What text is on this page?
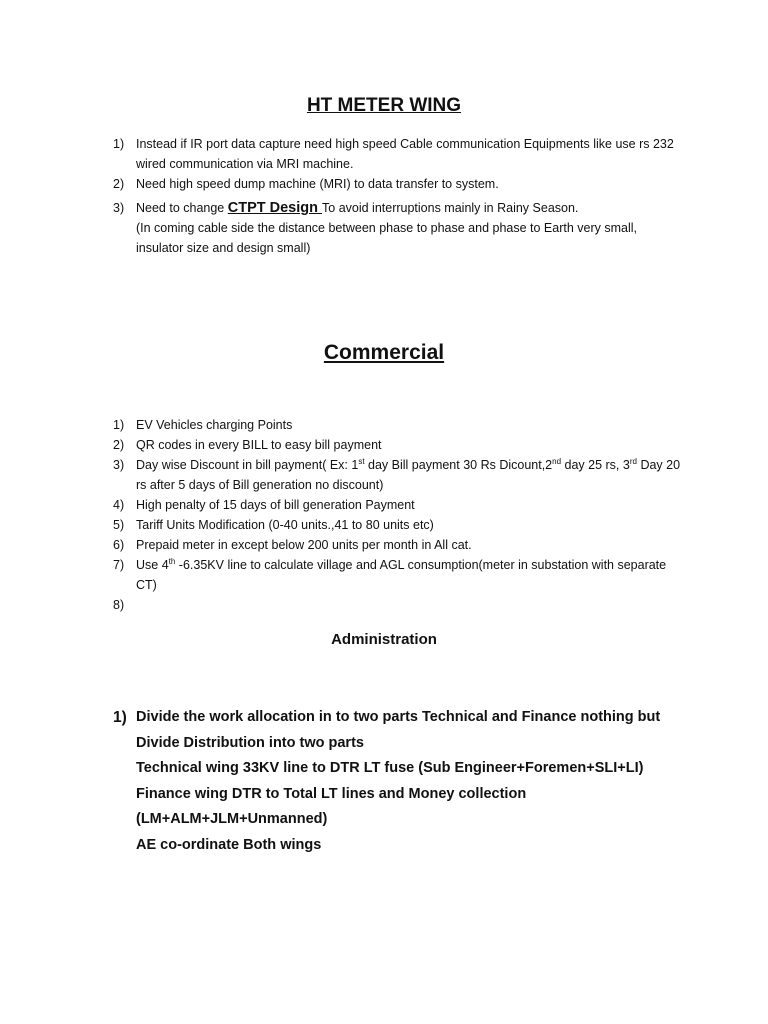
HT METER WING
1) Instead if IR port data capture need high speed Cable communication Equipments like use rs 232 wired communication via MRI machine.
2) Need high speed dump machine (MRI) to data transfer to system.
3) Need to change CTPT Design To avoid interruptions mainly in Rainy Season.
(In coming cable side the distance between phase to phase and phase to Earth very small, insulator size and design small)
Commercial
1) EV Vehicles charging Points
2) QR codes in every BILL to easy bill payment
3) Day wise Discount in bill payment( Ex: 1st day Bill payment 30 Rs Dicount,2nd day 25 rs, 3rd Day 20 rs after 5 days of Bill generation no discount)
4) High penalty of 15 days of bill generation Payment
5) Tariff Units Modification (0-40 units.,41 to 80 units etc)
6) Prepaid meter in except below 200 units per month in All cat.
7) Use 4th -6.35KV line to calculate village and AGL consumption(meter in substation with separate CT)
8)
Administration
1) Divide the work allocation in to two parts Technical and Finance nothing but Divide Distribution into two parts
Technical wing 33KV line to DTR LT fuse (Sub Engineer+Foremen+SLI+LI)
Finance wing DTR to Total LT lines and Money collection (LM+ALM+JLM+Unmanned)
AE co-ordinate Both wings
